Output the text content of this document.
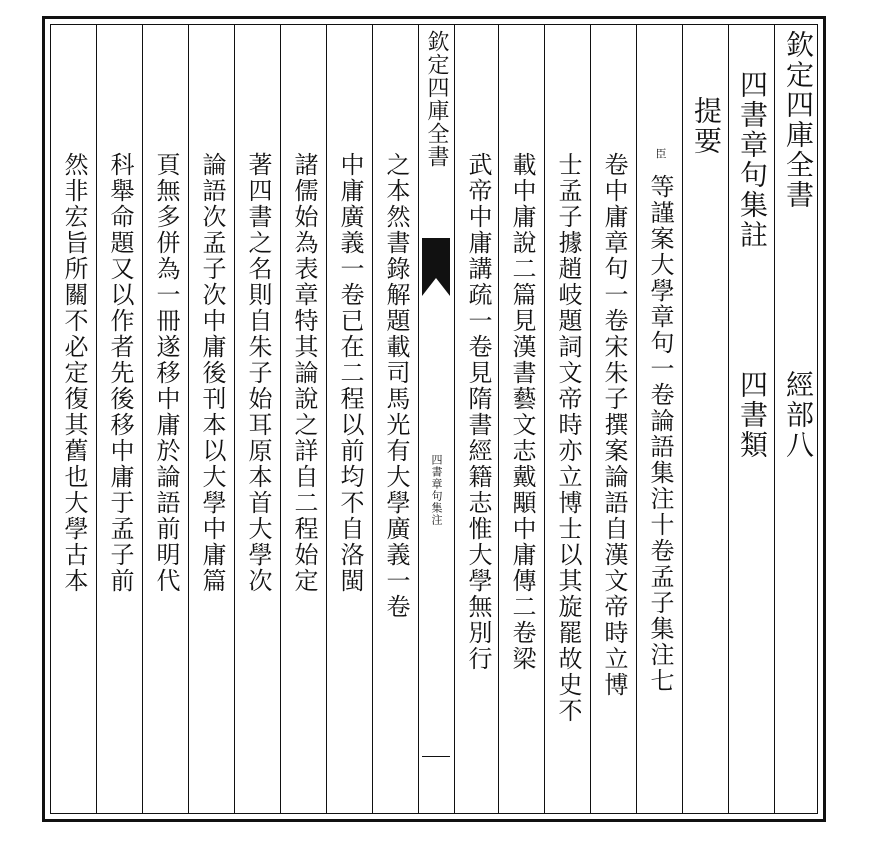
欽定四庫全書
經部八
四書章句集註
四書類
提要
臣
等謹案大學章句一卷論語集注十卷孟子集注七
卷中庸章句一卷宋朱子撰案論語自漢文帝時立博
士孟子據趙岐題詞文帝時亦立博士以其旋罷故史不
載中庸說二篇見漢書藝文志戴顒中庸傳二卷梁
武帝中庸講疏一卷見隋書經籍志惟大學無別行
欽定四庫全書
四書章句集注
之本然書錄解題載司馬光有大學廣義一卷
中庸廣義一卷已在二程以前均不自洛閩
諸儒始為表章特其論說之詳自二程始定
著四書之名則自朱子始耳原本首大學次
論語次孟子次中庸後刊本以大學中庸篇
頁無多併為一冊遂移中庸於論語前明代
科舉命題又以作者先後移中庸于孟子前
然非宏旨所關不必定復其舊也大學古本
